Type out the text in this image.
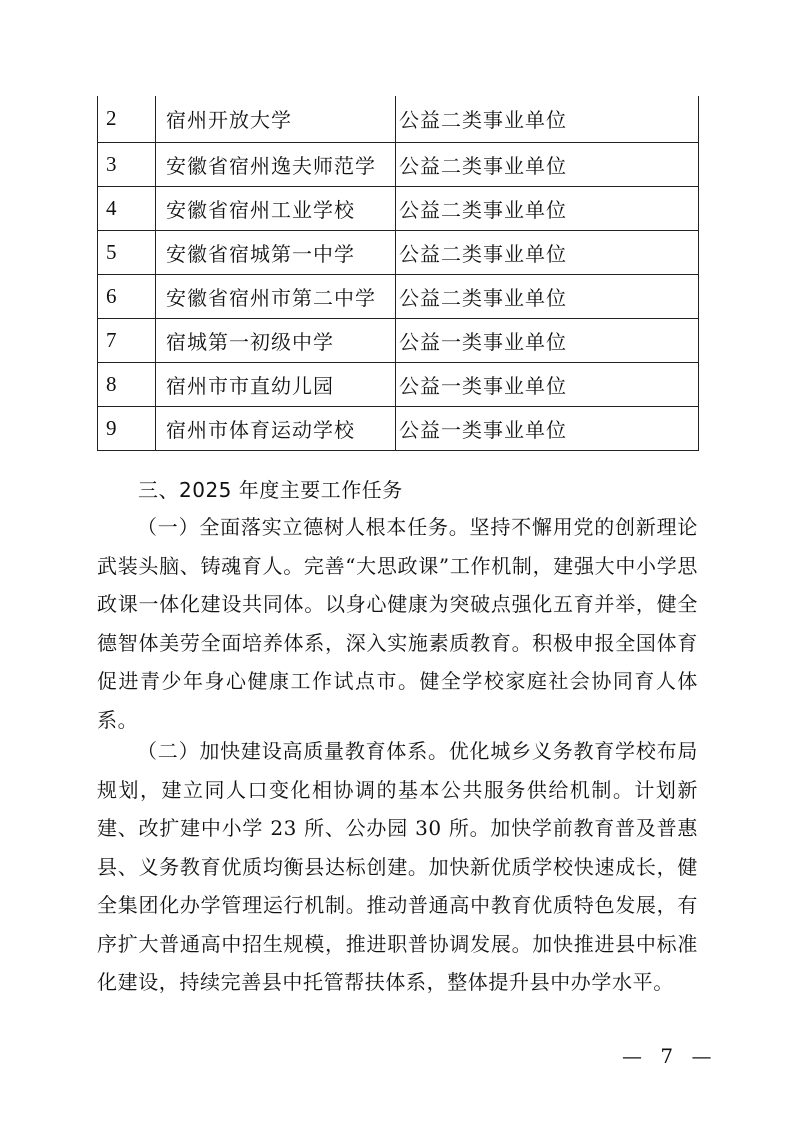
2	宿州开放大学	公益二类事业单位
3	安徽省宿州逸夫师范学	公益二类事业单位
4	安徽省宿州工业学校	公益二类事业单位
5	安徽省宿城第一中学	公益二类事业单位
6	安徽省宿州市第二中学	公益二类事业单位
7	宿城第一初级中学	公益一类事业单位
8	宿州市市直幼儿园	公益一类事业单位
9	宿州市体育运动学校	公益一类事业单位
三、2025 年度主要工作任务

（一）全面落实立德树人根本任务。坚持不懈用党的创新理论武装头脑、铸魂育人。完善“大思政课”工作机制，建强大中小学思政课一体化建设共同体。以身心健康为突破点强化五育并举，健全德智体美劳全面培养体系，深入实施素质教育。积极申报全国体育促进青少年身心健康工作试点市。健全学校家庭社会协同育人体系。

（二）加快建设高质量教育体系。优化城乡义务教育学校布局规划，建立同人口变化相协调的基本公共服务供给机制。计划新建、改扩建中小学 23 所、公办园 30 所。加快学前教育普及普惠县、义务教育优质均衡县达标创建。加快新优质学校快速成长，健全集团化办学管理运行机制。推动普通高中教育优质特色发展，有序扩大普通高中招生规模，推进职普协调发展。加快推进县中标准化建设，持续完善县中托管帮扶体系，整体提升县中办学水平。

— 7 —
